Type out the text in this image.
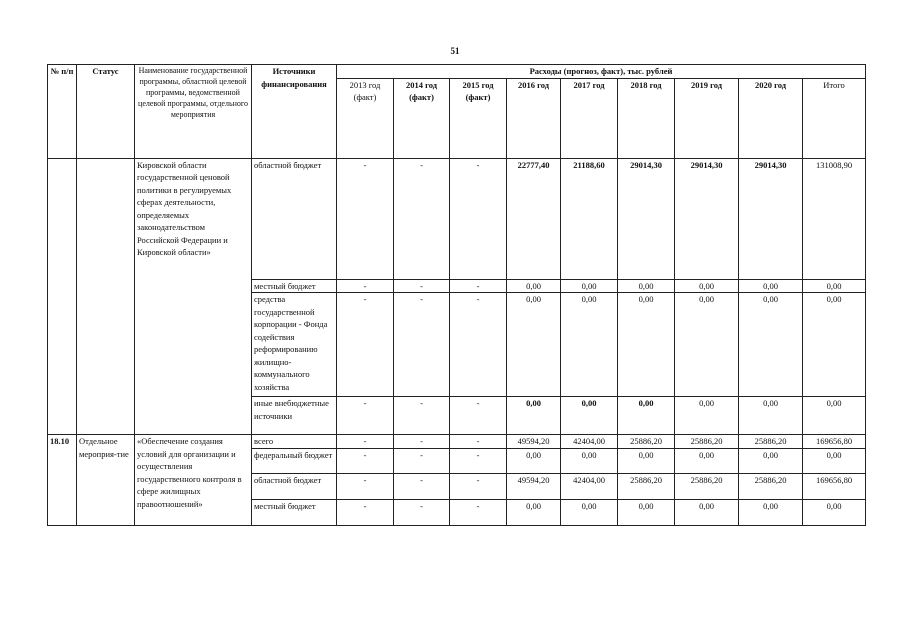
51
№ п/п	Статус	Наименование государственной программы, областной целевой программы, ведомственной целевой программы, отдельного мероприятия	Источники финансирования	Расходы (прогноз, факт), тыс. рублей								
				2013 год (факт)	2014 год (факт)	2015 год (факт)	2016 год	2017 год	2018 год	2019 год	2020 год	Итого
		Кировской области государственной ценовой политики в регулируемых сферах деятельности, определяемых законодательством Российской Федерации и Кировской области»	областной бюджет	-	-	-	22777,40	21188,60	29014,30	29014,30	29014,30	131008,90
			местный бюджет	-	-	-	0,00	0,00	0,00	0,00	0,00	0,00
			средства государственной корпорации - Фонда содействия реформированию жилищно-коммунального хозяйства	-	-	-	0,00	0,00	0,00	0,00	0,00	0,00
			иные внебюджетные источники	-	-	-	0,00	0,00	0,00	0,00	0,00	0,00
18.10	Отдельное мероприя-тие	«Обеспечение создания условий для организации и осуществления государственного контроля в сфере жилищных правоотношений»	всего	-	-	-	49594,20	42404,00	25886,20	25886,20	25886,20	169656,80
			федеральный бюджет	-	-	-	0,00	0,00	0,00	0,00	0,00	0,00
			областной бюджет	-	-	-	49594,20	42404,00	25886,20	25886,20	25886,20	169656,80
			местный бюджет	-	-	-	0,00	0,00	0,00	0,00	0,00	0,00
